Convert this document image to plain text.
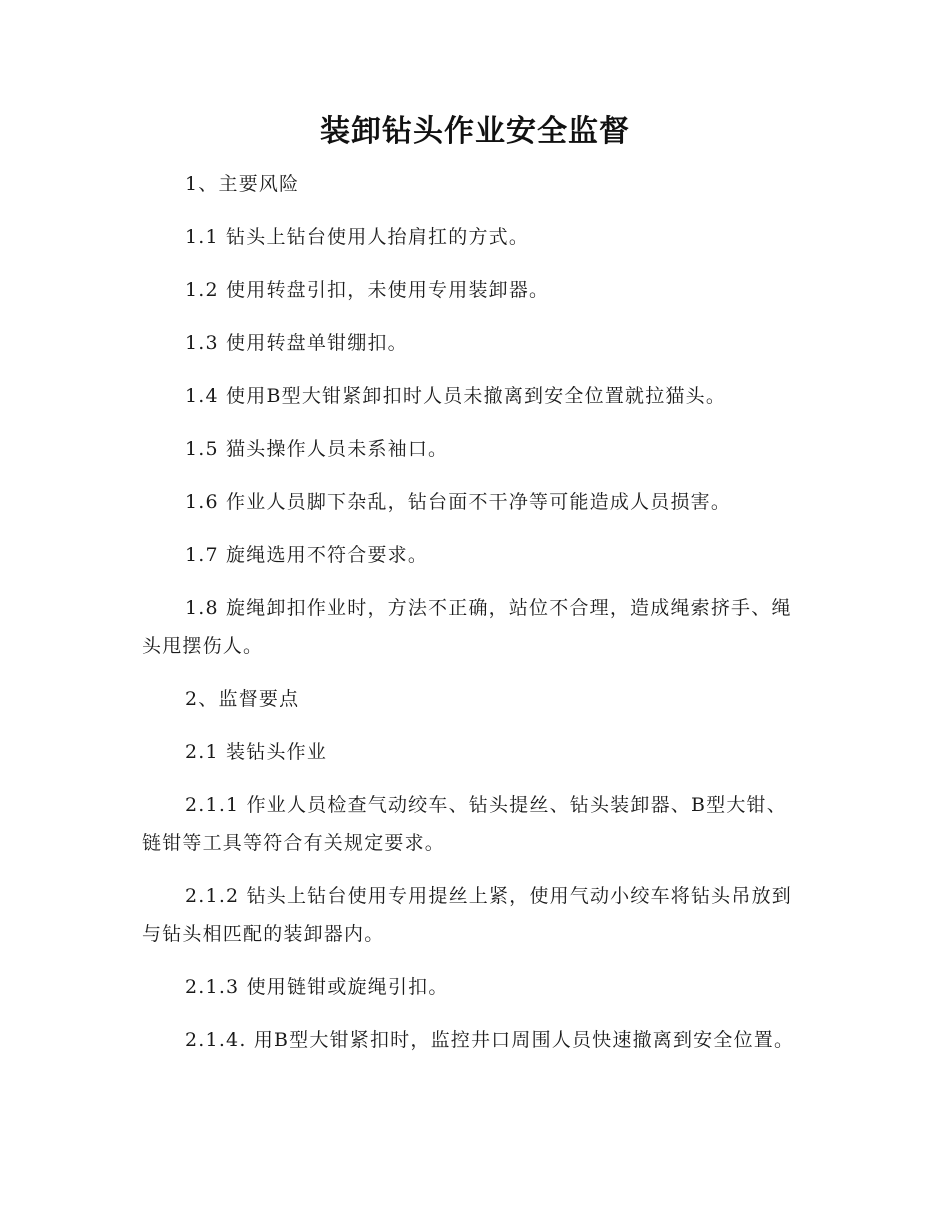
装卸钻头作业安全监督

1、主要风险

1.1 钻头上钻台使用人抬肩扛的方式。

1.2 使用转盘引扣，未使用专用装卸器。

1.3 使用转盘单钳绷扣。

1.4 使用B型大钳紧卸扣时人员未撤离到安全位置就拉猫头。

1.5 猫头操作人员未系袖口。

1.6 作业人员脚下杂乱，钻台面不干净等可能造成人员损害。

1.7 旋绳选用不符合要求。

1.8 旋绳卸扣作业时，方法不正确，站位不合理，造成绳索挤手、绳头甩摆伤人。

2、监督要点

2.1 装钻头作业

2.1.1 作业人员检查气动绞车、钻头提丝、钻头装卸器、B型大钳、链钳等工具等符合有关规定要求。

2.1.2 钻头上钻台使用专用提丝上紧，使用气动小绞车将钻头吊放到与钻头相匹配的装卸器内。

2.1.3 使用链钳或旋绳引扣。

2.1.4. 用B型大钳紧扣时，监控井口周围人员快速撤离到安全位置。
